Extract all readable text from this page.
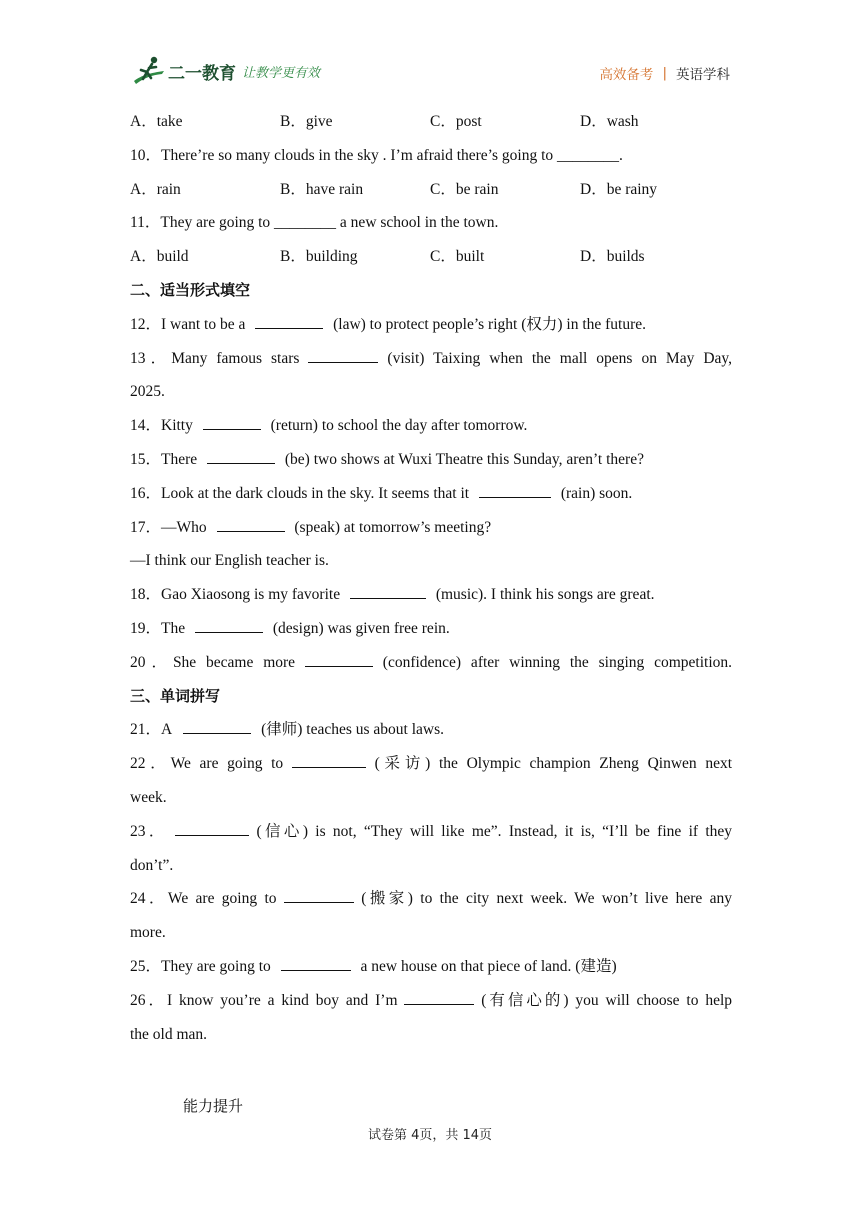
二一教育 让教学更有效	高效备考 | 英语学科
A．take	B．give	C．post	D．wash
10．There’re so many clouds in the sky . I’m afraid there’s going to ________.
A．rain	B．have rain	C．be rain	D．be rainy
11．They are going to ________ a new school in the town.
A．build	B．building	C．built	D．builds
二、适当形式填空
12．I want to be a	(law) to protect people’s right (权力) in the future.
13．Many famous stars	(visit) Taixing when the mall opens on May Day,
2025.
14．Kitty	(return) to school the day after tomorrow.
15．There	(be) two shows at Wuxi Theatre this Sunday, aren’t there?
16．Look at the dark clouds in the sky. It seems that it	(rain) soon.
17．—Who	(speak) at tomorrow’s meeting?
—I think our English teacher is.
18．Gao Xiaosong is my favorite	(music). I think his songs are great.
19．The	(design) was given free rein.
20．She became more	(confidence) after winning the singing competition.
三、单词拼写
21．A	(律师) teaches us about laws.
22．We are going to	(采访) the Olympic champion Zheng Qinwen next
week.
23．	(信心) is not, “They will like me”. Instead, it is, “I’ll be fine if they
don’t”.
24．We are going to	(搬家) to the city next week. We won’t live here any
more.
25．They are going to	a new house on that piece of land. (建造)
26．I know you’re a kind boy and I’m	(有信心的) you will choose to help
the old man.
能力提升
试卷第 4页，共 14页
